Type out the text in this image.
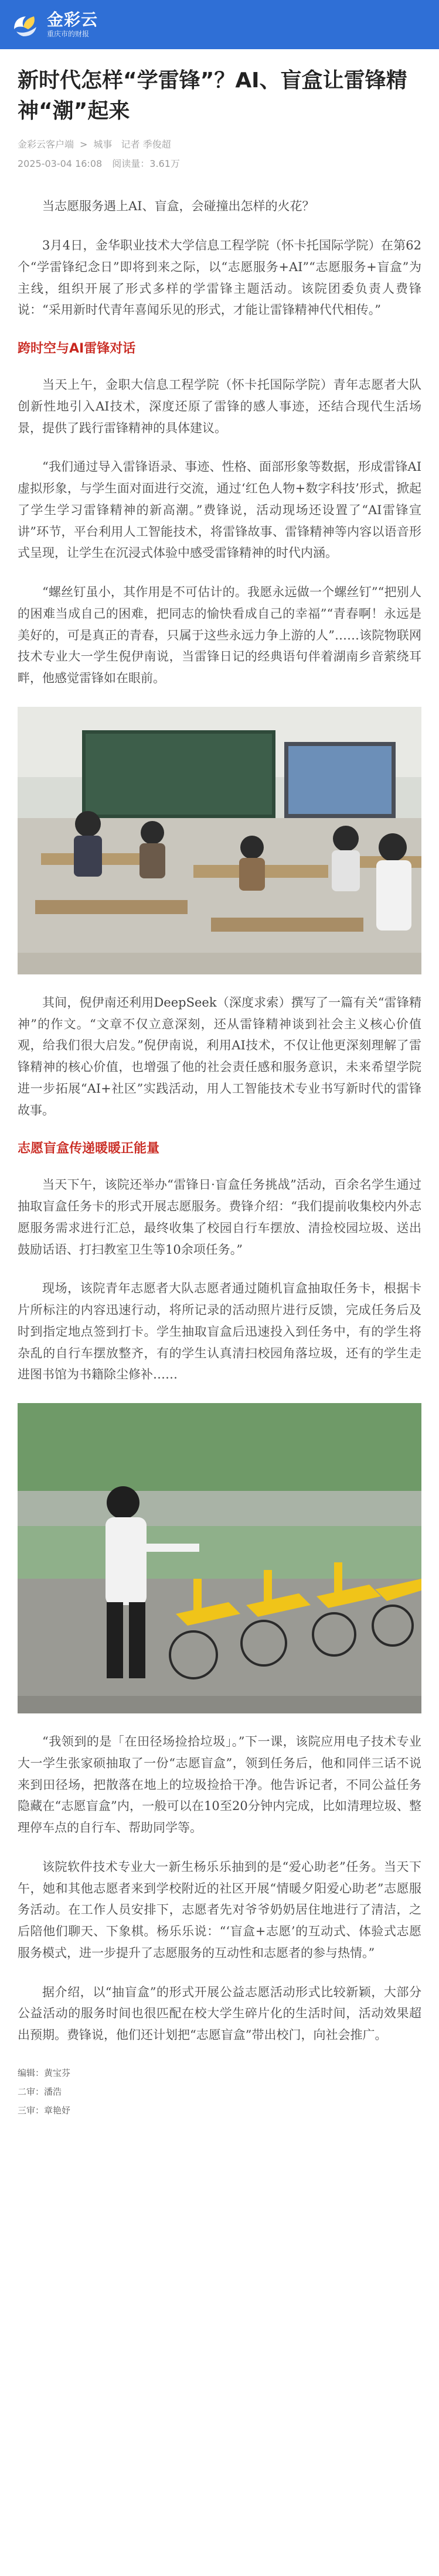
金彩云
重庆市的财报
新时代怎样“学雷锋”？AI、盲盒让雷锋精神“潮”起来
金彩云客户端 > 城事 记者 季俊超
2025-03-04 16:08 阅读量：3.61万

当志愿服务遇上AI、盲盒，会碰撞出怎样的火花？

3月4日，金华职业技术大学信息工程学院（怀卡托国际学院）在第62个“学雷锋纪念日”即将到来之际，以“志愿服务+AI”“志愿服务+盲盒”为主线，组织开展了形式多样的学雷锋主题活动。该院团委负责人费锋说：“采用新时代青年喜闻乐见的形式，才能让雷锋精神代代相传。”

跨时空与AI雷锋对话

当天上午，金职大信息工程学院（怀卡托国际学院）青年志愿者大队创新性地引入AI技术，深度还原了雷锋的感人事迹，还结合现代生活场景，提供了践行雷锋精神的具体建议。

“我们通过导入雷锋语录、事迹、性格、面部形象等数据，形成雷锋AI虚拟形象，与学生面对面进行交流，通过‘红色人物+数字科技’形式，掀起了学生学习雷锋精神的新高潮。”费锋说，活动现场还设置了“AI雷锋宣讲”环节，平台利用人工智能技术，将雷锋故事、雷锋精神等内容以语音形式呈现，让学生在沉浸式体验中感受雷锋精神的时代内涵。

“螺丝钉虽小，其作用是不可估计的。我愿永远做一个螺丝钉”“把别人的困难当成自己的困难，把同志的愉快看成自己的幸福”“青春啊！永远是美好的，可是真正的青春，只属于这些永远力争上游的人”……该院物联网技术专业大一学生倪伊南说，当雷锋日记的经典语句伴着湖南乡音萦绕耳畔，他感觉雷锋如在眼前。

其间，倪伊南还利用DeepSeek（深度求索）撰写了一篇有关“雷锋精神”的作文。“文章不仅立意深刻，还从雷锋精神谈到社会主义核心价值观，给我们很大启发。”倪伊南说，利用AI技术，不仅让他更深刻理解了雷锋精神的核心价值，也增强了他的社会责任感和服务意识，未来希望学院进一步拓展“AI+社区”实践活动，用人工智能技术专业书写新时代的雷锋故事。

志愿盲盒传递暖暖正能量

当天下午，该院还举办“雷锋日·盲盒任务挑战”活动，百余名学生通过抽取盲盒任务卡的形式开展志愿服务。费锋介绍：“我们提前收集校内外志愿服务需求进行汇总，最终收集了校园自行车摆放、清捡校园垃圾、送出鼓励话语、打扫教室卫生等10余项任务。”

现场，该院青年志愿者大队志愿者通过随机盲盒抽取任务卡，根据卡片所标注的内容迅速行动，将所记录的活动照片进行反馈，完成任务后及时到指定地点签到打卡。学生抽取盲盒后迅速投入到任务中，有的学生将杂乱的自行车摆放整齐，有的学生认真清扫校园角落垃圾，还有的学生走进图书馆为书籍除尘修补……

“我领到的是「在田径场捡拾垃圾」。”下一课，该院应用电子技术专业大一学生张家硕抽取了一份“志愿盲盒”，领到任务后，他和同伴三话不说来到田径场，把散落在地上的垃圾捡拾干净。他告诉记者，不同公益任务隐藏在“志愿盲盒”内，一般可以在10至20分钟内完成，比如清理垃圾、整理停车点的自行车、帮助同学等。

该院软件技术专业大一新生杨乐乐抽到的是“爱心助老”任务。当天下午，她和其他志愿者来到学校附近的社区开展“情暖夕阳爱心助老”志愿服务活动。在工作人员安排下，志愿者先对爷爷奶奶居住地进行了清洁，之后陪他们聊天、下象棋。杨乐乐说：“‘盲盒+志愿’的互动式、体验式志愿服务模式，进一步提升了志愿服务的互动性和志愿者的参与热情。”

据介绍，以“抽盲盒”的形式开展公益志愿活动形式比较新颖，大部分公益活动的服务时间也很匹配在校大学生碎片化的生活时间，活动效果超出预期。费锋说，他们还计划把“志愿盲盒”带出校门，向社会推广。

编辑：黄宝芬
二审：潘浩
三审：章艳妤
